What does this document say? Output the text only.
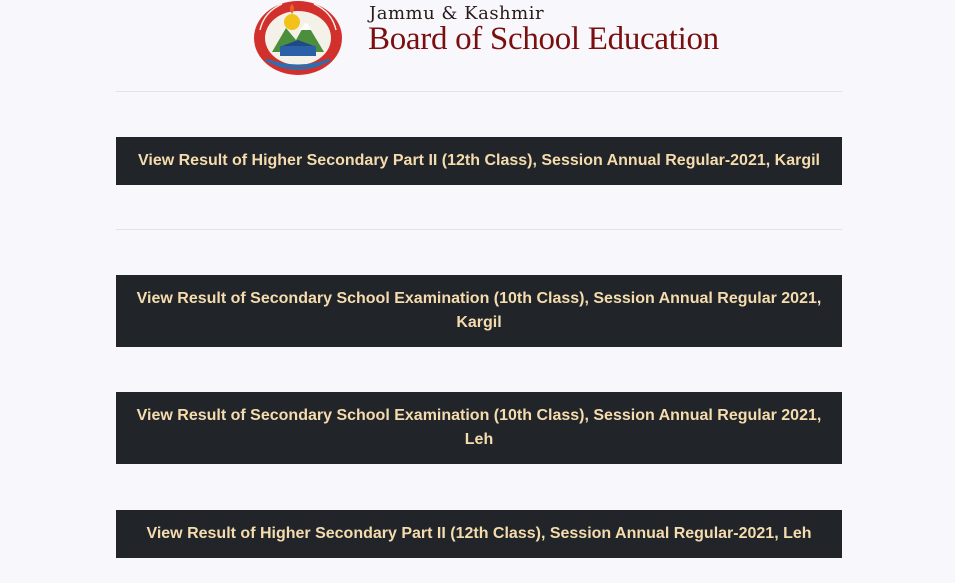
Jammu & Kashmir
Board of School Education
View Result of Higher Secondary Part II (12th Class), Session Annual Regular-2021, Kargil
View Result of Secondary School Examination (10th Class), Session Annual Regular 2021, Kargil
View Result of Secondary School Examination (10th Class), Session Annual Regular 2021, Leh
View Result of Higher Secondary Part II (12th Class), Session Annual Regular-2021, Leh
